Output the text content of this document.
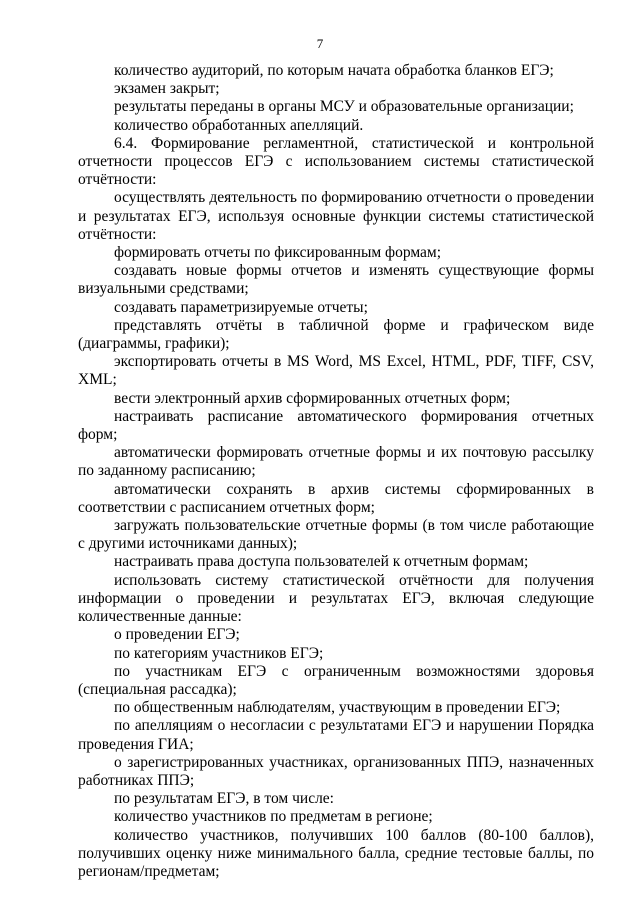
7

количество аудиторий, по которым начата обработка бланков ЕГЭ;

экзамен закрыт;

результаты переданы в органы МСУ и образовательные организации;

количество обработанных апелляций.

6.4. Формирование регламентной, статистической и контрольной отчетности процессов ЕГЭ с использованием системы статистической отчётности:

осуществлять деятельность по формированию отчетности о проведении и результатах ЕГЭ, используя основные функции системы статистической отчётности:

формировать отчеты по фиксированным формам;

создавать новые формы отчетов и изменять существующие формы визуальными средствами;

создавать параметризируемые отчеты;

представлять отчёты в табличной форме и графическом виде (диаграммы, графики);

экспортировать отчеты в MS Word, MS Excel, HTML, PDF, TIFF, CSV, XML;

вести электронный архив сформированных отчетных форм;

настраивать расписание автоматического формирования отчетных форм;

автоматически формировать отчетные формы и их почтовую рассылку по заданному расписанию;

автоматически сохранять в архив системы сформированных в соответствии с расписанием отчетных форм;

загружать пользовательские отчетные формы (в том числе работающие с другими источниками данных);

настраивать права доступа пользователей к отчетным формам;

использовать систему статистической отчётности для получения информации о проведении и результатах ЕГЭ, включая следующие количественные данные:

о проведении ЕГЭ;

по категориям участников ЕГЭ;

по участникам ЕГЭ с ограниченным возможностями здоровья (специальная рассадка);

по общественным наблюдателям, участвующим в проведении ЕГЭ;

по апелляциям о несогласии с результатами ЕГЭ и нарушении Порядка проведения ГИА;

о зарегистрированных участниках, организованных ППЭ, назначенных работниках ППЭ;

по результатам ЕГЭ, в том числе:

количество участников по предметам в регионе;

количество участников, получивших 100 баллов (80-100 баллов), получивших оценку ниже минимального балла, средние тестовые баллы, по регионам/предметам;
